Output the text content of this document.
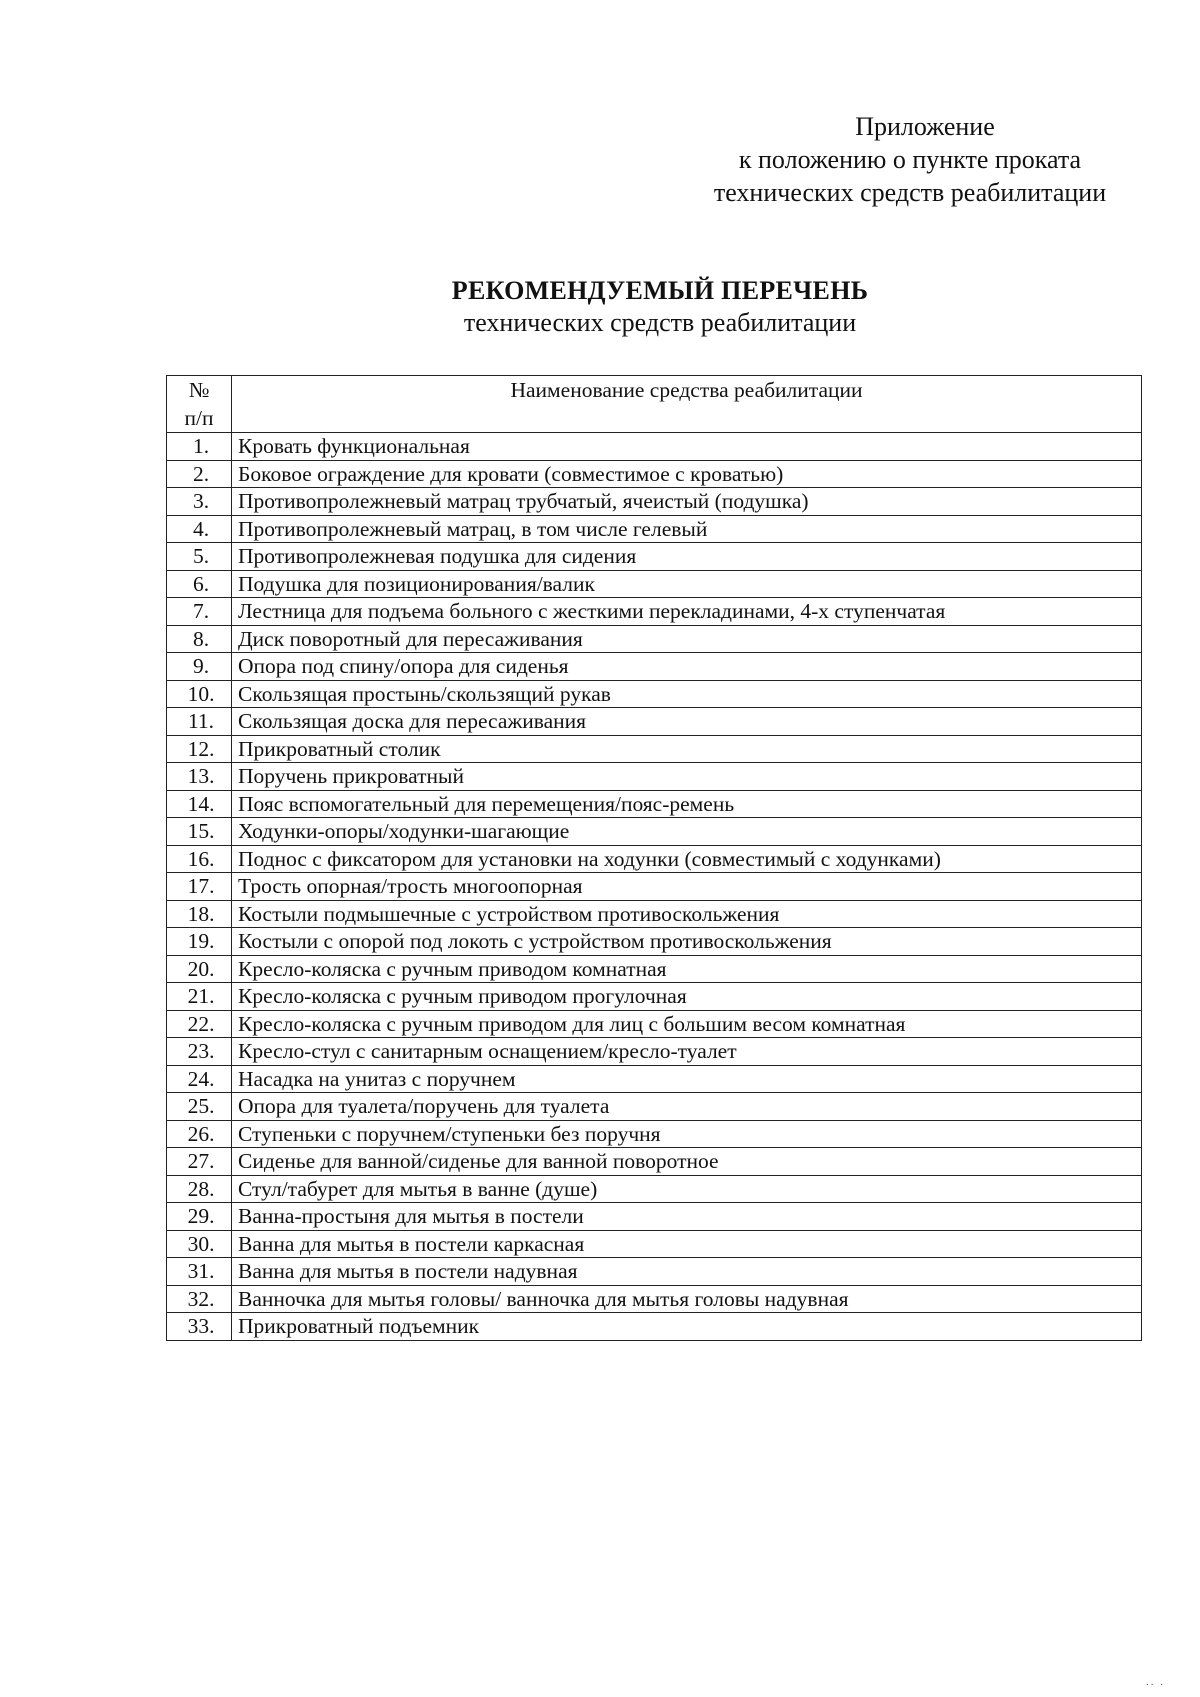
Приложение
к положению о пункте проката
технических средств реабилитации
РЕКОМЕНДУЕМЫЙ ПЕРЕЧЕНЬ
технических средств реабилитации
№
п/п	Наименование средства реабилитации
1.	Кровать функциональная
2.	Боковое ограждение для кровати (совместимое с кроватью)
3.	Противопролежневый матрац трубчатый, ячеистый (подушка)
4.	Противопролежневый матрац, в том числе гелевый
5.	Противопролежневая подушка для сидения
6.	Подушка для позиционирования/валик
7.	Лестница для подъема больного с жесткими перекладинами, 4-х ступенчатая
8.	Диск поворотный для пересаживания
9.	Опора под спину/опора для сиденья
10.	Скользящая простынь/скользящий рукав
11.	Скользящая доска для пересаживания
12.	Прикроватный столик
13.	Поручень прикроватный
14.	Пояс вспомогательный для перемещения/пояс-ремень
15.	Ходунки-опоры/ходунки-шагающие
16.	Поднос с фиксатором для установки на ходунки (совместимый с ходунками)
17.	Трость опорная/трость многоопорная
18.	Костыли подмышечные с устройством противоскольжения
19.	Костыли с опорой под локоть с устройством противоскольжения
20.	Кресло-коляска с ручным приводом комнатная
21.	Кресло-коляска с ручным приводом прогулочная
22.	Кресло-коляска с ручным приводом для лиц с большим весом комнатная
23.	Кресло-стул с санитарным оснащением/кресло-туалет
24.	Насадка на унитаз с поручнем
25.	Опора для туалета/поручень для туалета
26.	Ступеньки с поручнем/ступеньки без поручня
27.	Сиденье для ванной/сиденье для ванной поворотное
28.	Стул/табурет для мытья в ванне (душе)
29.	Ванна-простыня для мытья в постели
30.	Ванна для мытья в постели каркасная
31.	Ванна для мытья в постели надувная
32.	Ванночка для мытья головы/ ванночка для мытья головы надувная
33.	Прикроватный подъемник
.. .
